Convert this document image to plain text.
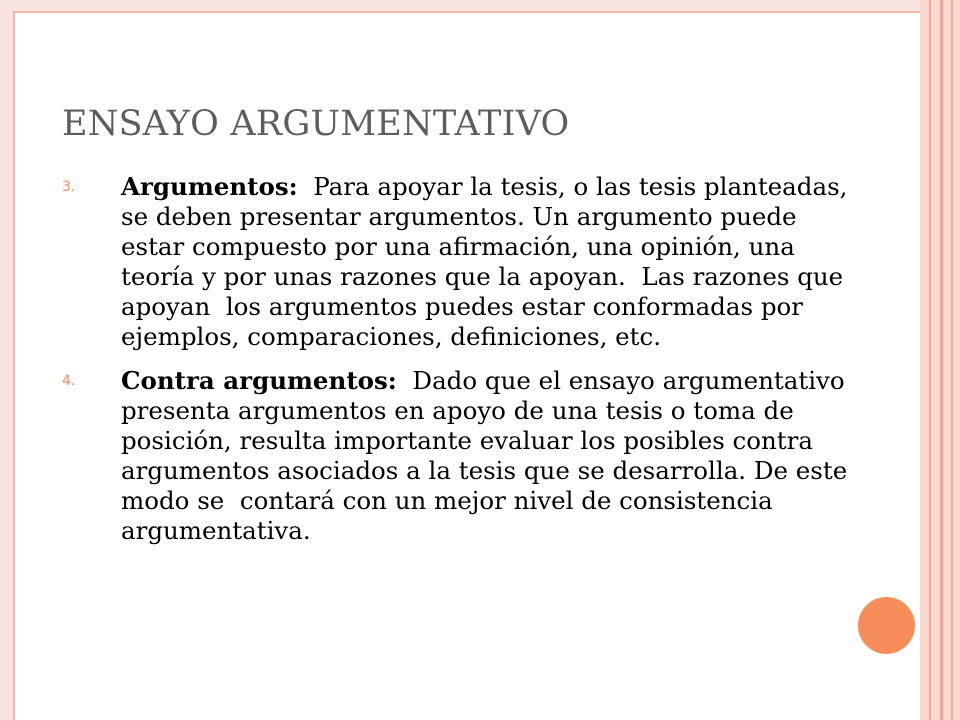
ENSAYO ARGUMENTATIVO
3. Argumentos:  Para apoyar la tesis, o las tesis planteadas, se deben presentar argumentos. Un argumento puede estar compuesto por una afirmación, una opinión, una teoría y por unas razones que la apoyan.  Las razones que apoyan  los argumentos puedes estar conformadas por ejemplos, comparaciones, definiciones, etc.
4. Contra argumentos:  Dado que el ensayo argumentativo presenta argumentos en apoyo de una tesis o toma de posición, resulta importante evaluar los posibles contra argumentos asociados a la tesis que se desarrolla. De este modo se  contará con un mejor nivel de consistencia argumentativa.
